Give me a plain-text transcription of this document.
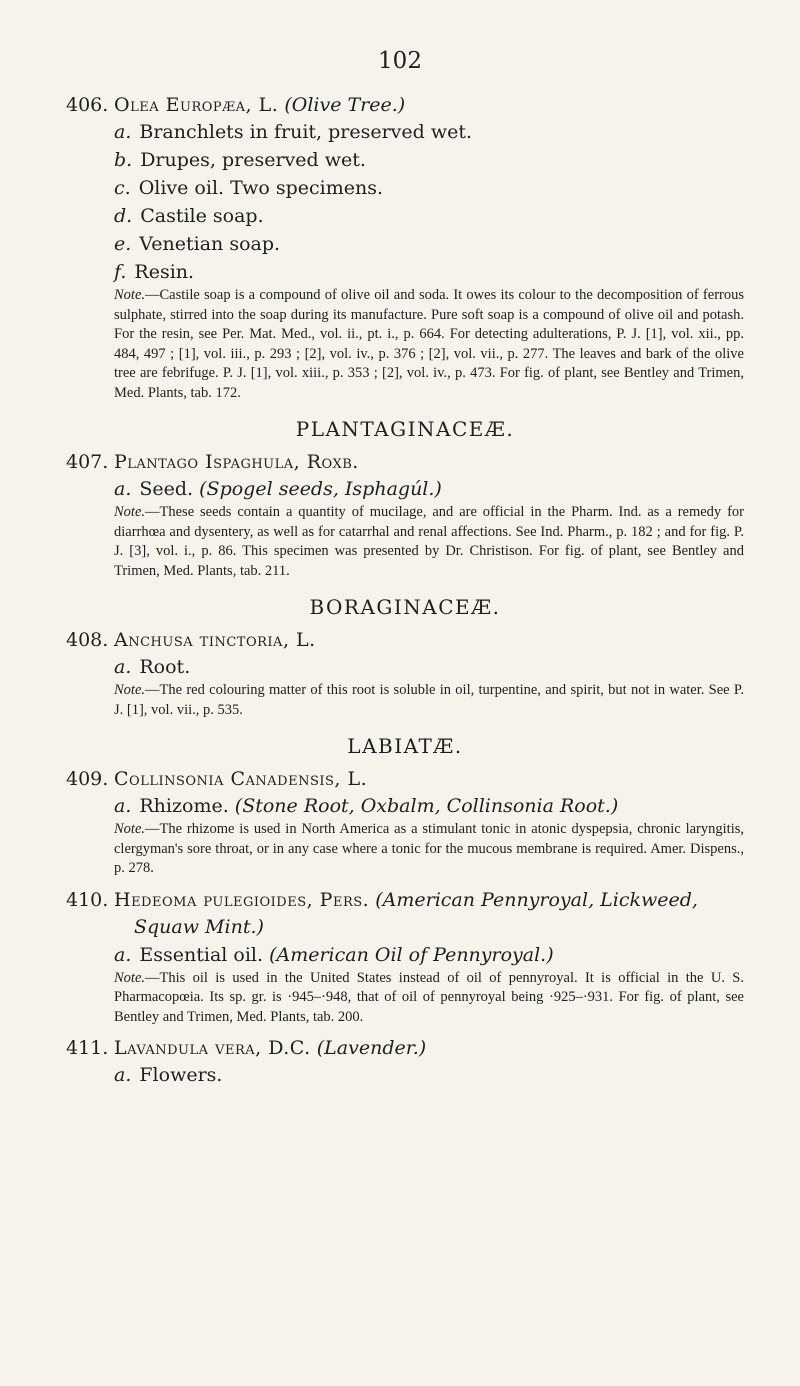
102
406. Olea Europæa, L. (Olive Tree.)
a. Branchlets in fruit, preserved wet.
b. Drupes, preserved wet.
c. Olive oil. Two specimens.
d. Castile soap.
e. Venetian soap.
f. Resin.
Note.—Castile soap is a compound of olive oil and soda. It owes its colour to the decomposition of ferrous sulphate, stirred into the soap during its manufacture. Pure soft soap is a compound of olive oil and potash. For the resin, see Per. Mat. Med., vol. ii., pt. i., p. 664. For detecting adulterations, P. J. [1], vol. xii., pp. 484, 497 ; [1], vol. iii., p. 293 ; [2], vol. iv., p. 376 ; [2], vol. vii., p. 277. The leaves and bark of the olive tree are febrifuge. P. J. [1], vol. xiii., p. 353 ; [2], vol. iv., p. 473. For fig. of plant, see Bentley and Trimen, Med. Plants, tab. 172.
PLANTAGINACEÆ.
407. Plantago Ispaghula, Roxb.
a. Seed. (Spogel seeds, Isphagúl.)
Note.—These seeds contain a quantity of mucilage, and are official in the Pharm. Ind. as a remedy for diarrhœa and dysentery, as well as for catarrhal and renal affections. See Ind. Pharm., p. 182 ; and for fig. P. J. [3], vol. i., p. 86. This specimen was presented by Dr. Christison. For fig. of plant, see Bentley and Trimen, Med. Plants, tab. 211.
BORAGINACEÆ.
408. Anchusa tinctoria, L.
a. Root.
Note.—The red colouring matter of this root is soluble in oil, turpentine, and spirit, but not in water. See P. J. [1], vol. vii., p. 535.
LABIATÆ.
409. Collinsonia Canadensis, L.
a. Rhizome. (Stone Root, Oxbalm, Collinsonia Root.)
Note.—The rhizome is used in North America as a stimulant tonic in atonic dyspepsia, chronic laryngitis, clergyman's sore throat, or in any case where a tonic for the mucous membrane is required. Amer. Dispens., p. 278.
410. Hedeoma pulegioides, Pers. (American Pennyroyal, Lickweed,
Squaw Mint.)
a. Essential oil. (American Oil of Pennyroyal.)
Note.—This oil is used in the United States instead of oil of pennyroyal. It is official in the U. S. Pharmacopœia. Its sp. gr. is ·945–·948, that of oil of pennyroyal being ·925–·931. For fig. of plant, see Bentley and Trimen, Med. Plants, tab. 200.
411. Lavandula vera, D.C. (Lavender.)
a. Flowers.
